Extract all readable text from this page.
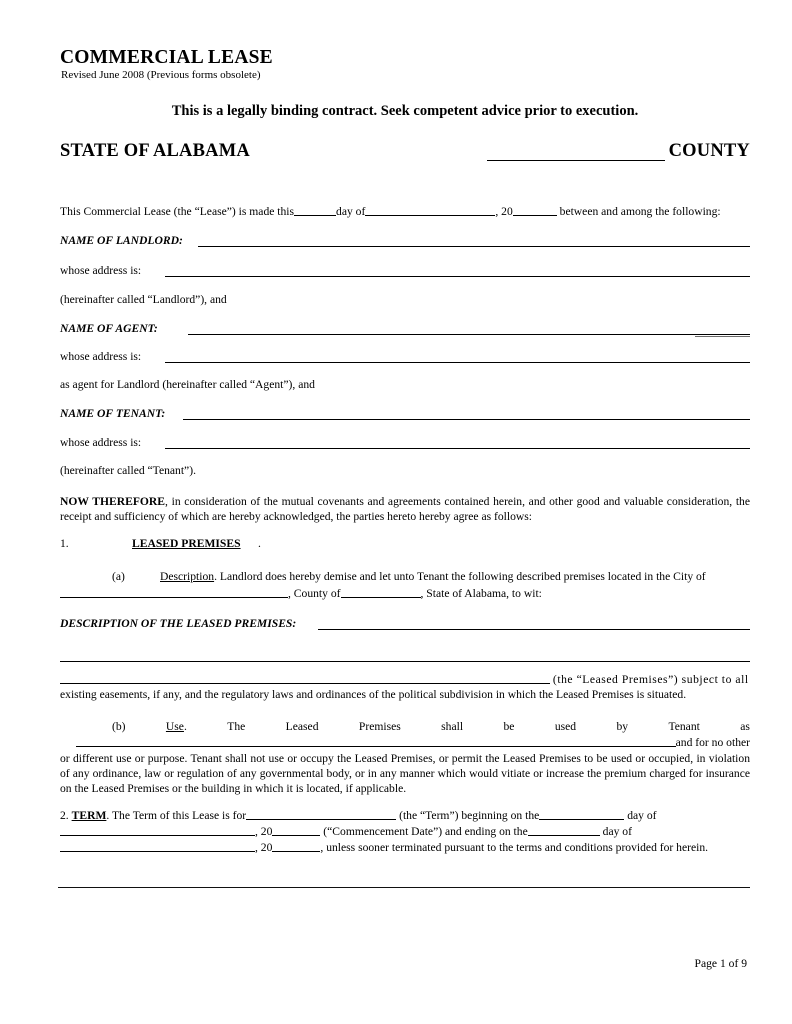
COMMERCIAL LEASE
Revised June 2008 (Previous forms obsolete)
This is a legally binding contract. Seek competent advice prior to execution.
STATE OF ALABAMA	COUNTY
This Commercial Lease (the “Lease”) is made this	day of	, 20	between and among the following:
NAME OF LANDLORD:
whose address is:
(hereinafter called “Landlord”), and
NAME OF AGENT:
whose address is:
as agent for Landlord (hereinafter called “Agent”), and
NAME OF TENANT:
whose address is:
(hereinafter called “Tenant”).
NOW THEREFORE, in consideration of the mutual covenants and agreements contained herein, and other good and valuable consideration, the receipt and sufficiency of which are hereby acknowledged, the parties hereto hereby agree as follows:
1.	LEASED PREMISES .
(a)	Description. Landlord does hereby demise and let unto Tenant the following described premises located in the City of
, County of	, State of Alabama, to wit:
DESCRIPTION OF THE LEASED PREMISES:
(the “Leased Premises”) subject to all
existing easements, if any, and the regulatory laws and ordinances of the political subdivision in which the Leased Premises is situated.
(b)	Use.	The	Leased	Premises	shall	be	used	by	Tenant	as
and for no other
or different use or purpose. Tenant shall not use or occupy the Leased Premises, or permit the Leased Premises to be used or occupied, in violation of any ordinance, law or regulation of any governmental body, or in any manner which would vitiate or increase the premium charged for insurance on the Leased Premises or the building in which it is located, if applicable.
2. TERM. The Term of this Lease is for	(the “Term”) beginning on the	day of
, 20	(“Commencement Date”) and ending on the	day of
, 20	, unless sooner terminated pursuant to the terms and conditions provided for herein.
Page 1 of 9
